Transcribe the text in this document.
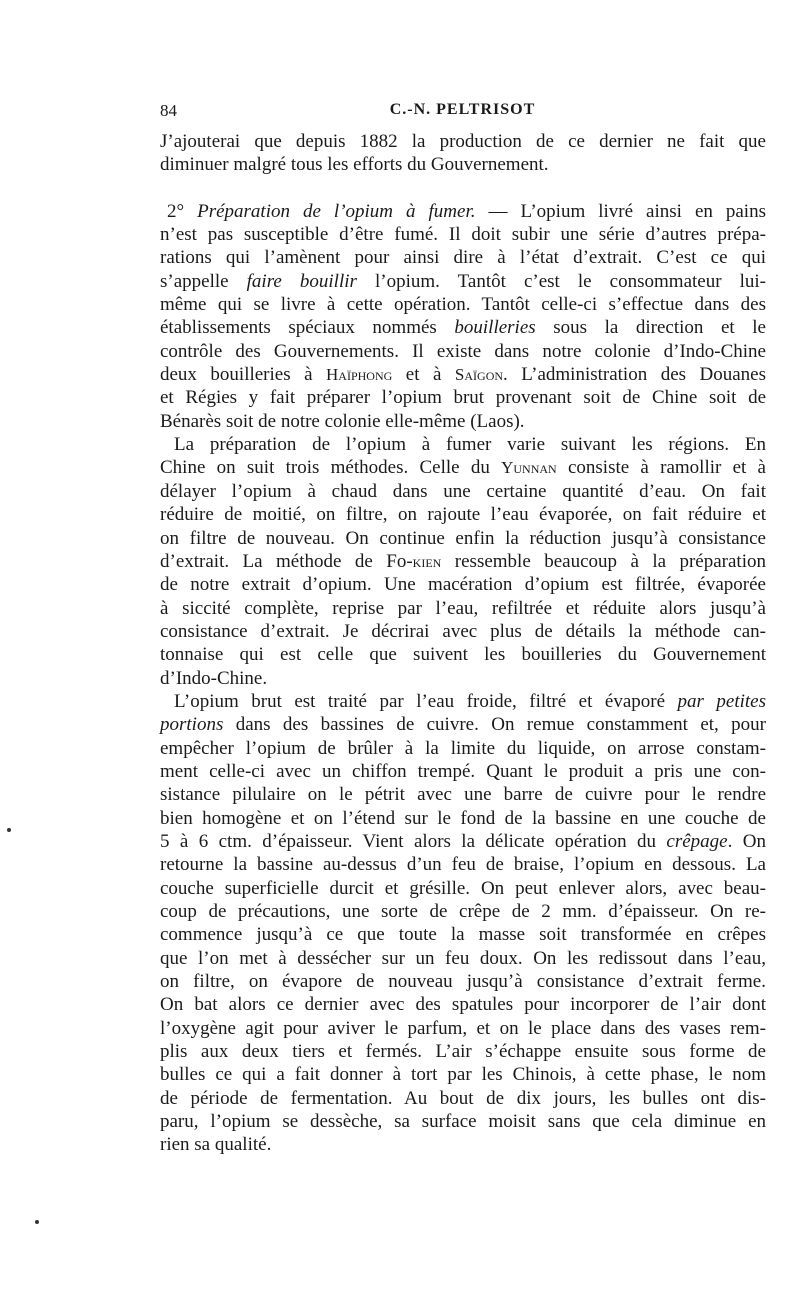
84	C.-N. PELTRISOT
J’ajouterai que depuis 1882 la production de ce dernier ne fait que
diminuer malgré tous les efforts du Gouvernement.
2° Préparation de l’opium à fumer. — L’opium livré ainsi en pains
n’est pas susceptible d’être fumé. Il doit subir une série d’autres prépa-
rations qui l’amènent pour ainsi dire à l’état d’extrait. C’est ce qui
s’appelle faire bouillir l’opium. Tantôt c’est le consommateur lui-
même qui se livre à cette opération. Tantôt celle-ci s’effectue dans des
établissements spéciaux nommés bouilleries sous la direction et le
contrôle des Gouvernements. Il existe dans notre colonie d’Indo-Chine
deux bouilleries à Haïphong et à Saïgon. L’administration des Douanes
et Régies y fait préparer l’opium brut provenant soit de Chine soit de
Bénarès soit de notre colonie elle-même (Laos).
La préparation de l’opium à fumer varie suivant les régions. En
Chine on suit trois méthodes. Celle du Yunnan consiste à ramollir et à
délayer l’opium à chaud dans une certaine quantité d’eau. On fait
réduire de moitié, on filtre, on rajoute l’eau évaporée, on fait réduire et
on filtre de nouveau. On continue enfin la réduction jusqu’à consistance
d’extrait. La méthode de Fo-kien ressemble beaucoup à la préparation
de notre extrait d’opium. Une macération d’opium est filtrée, évaporée
à siccité complète, reprise par l’eau, refiltrée et réduite alors jusqu’à
consistance d’extrait. Je décrirai avec plus de détails la méthode can-
tonnaise qui est celle que suivent les bouilleries du Gouvernement
d’Indo-Chine.
L’opium brut est traité par l’eau froide, filtré et évaporé par petites
portions dans des bassines de cuivre. On remue constamment et, pour
empêcher l’opium de brûler à la limite du liquide, on arrose constam-
ment celle-ci avec un chiffon trempé. Quant le produit a pris une con-
sistance pilulaire on le pétrit avec une barre de cuivre pour le rendre
bien homogène et on l’étend sur le fond de la bassine en une couche de
5 à 6 ctm. d’épaisseur. Vient alors la délicate opération du crêpage. On
retourne la bassine au-dessus d’un feu de braise, l’opium en dessous. La
couche superficielle durcit et grésille. On peut enlever alors, avec beau-
coup de précautions, une sorte de crêpe de 2 mm. d’épaisseur. On re-
commence jusqu’à ce que toute la masse soit transformée en crêpes
que l’on met à dessécher sur un feu doux. On les redissout dans l’eau,
on filtre, on évapore de nouveau jusqu’à consistance d’extrait ferme.
On bat alors ce dernier avec des spatules pour incorporer de l’air dont
l’oxygène agit pour aviver le parfum, et on le place dans des vases rem-
plis aux deux tiers et fermés. L’air s’échappe ensuite sous forme de
bulles ce qui a fait donner à tort par les Chinois, à cette phase, le nom
de période de fermentation. Au bout de dix jours, les bulles ont dis-
paru, l’opium se dessèche, sa surface moisit sans que cela diminue en
rien sa qualité.
